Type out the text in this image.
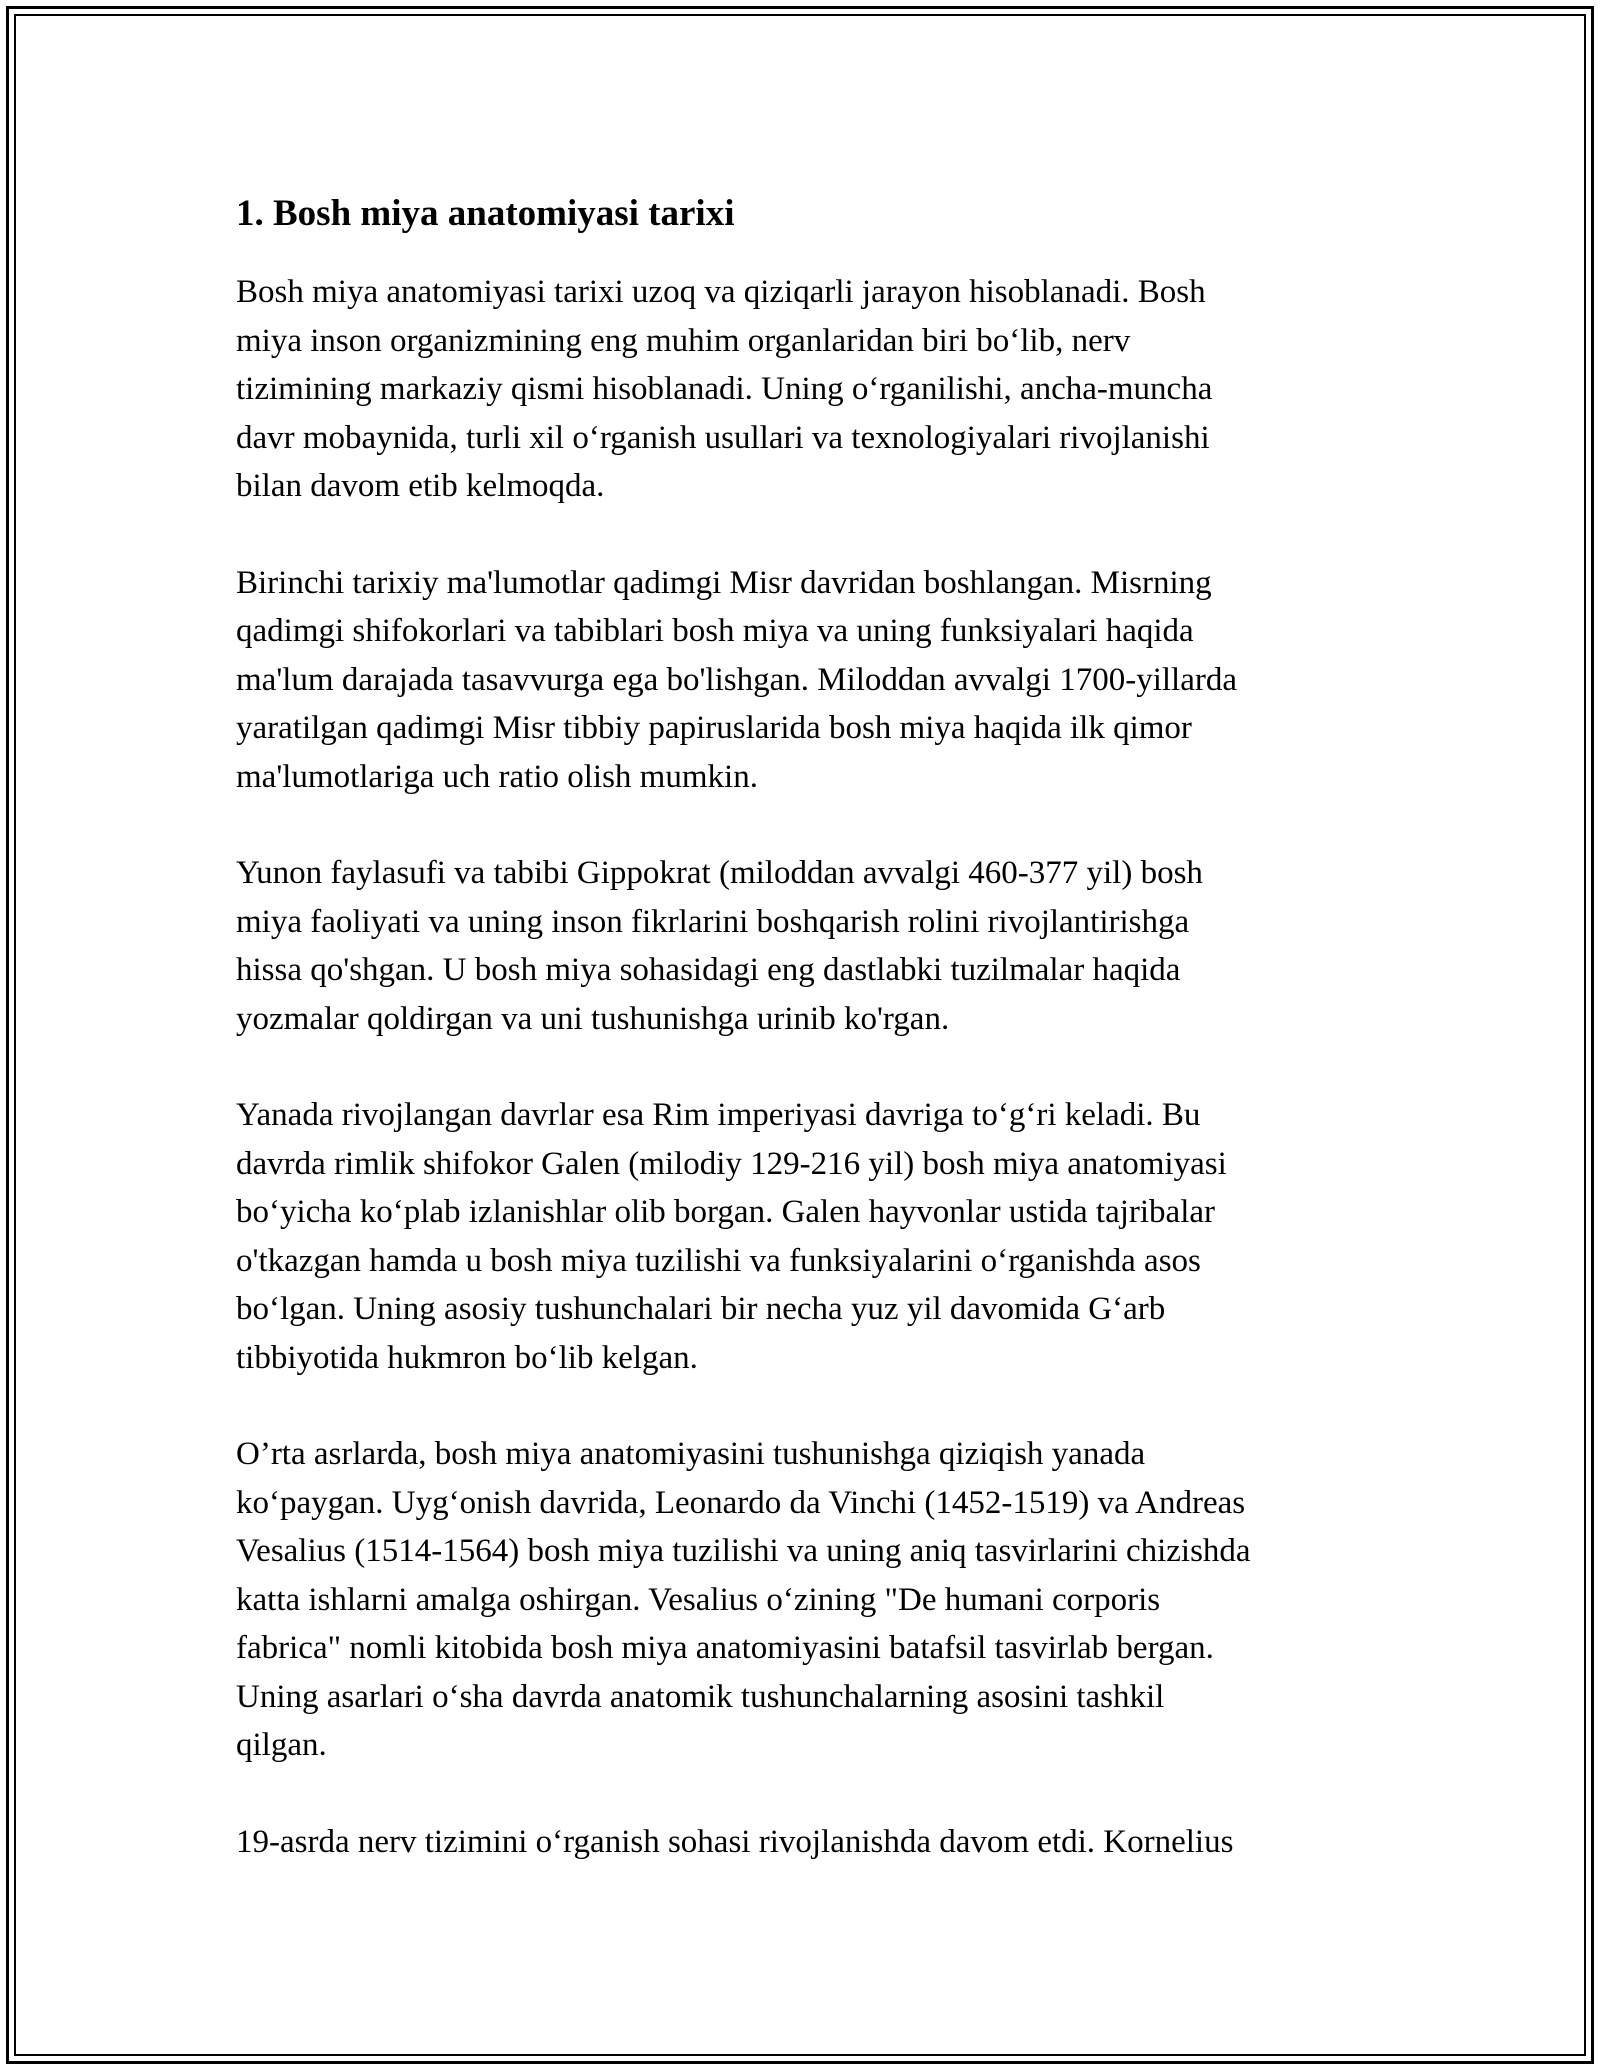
1. Bosh miya anatomiyasi tarixi

Bosh miya anatomiyasi tarixi uzoq va qiziqarli jarayon hisoblanadi. Bosh
miya inson organizmining eng muhim organlaridan biri boʻlib, nerv
tizimining markaziy qismi hisoblanadi. Uning oʻrganilishi, ancha-muncha
davr mobaynida, turli xil oʻrganish usullari va texnologiyalari rivojlanishi
bilan davom etib kelmoqda.

Birinchi tarixiy ma'lumotlar qadimgi Misr davridan boshlangan. Misrning
qadimgi shifokorlari va tabiblari bosh miya va uning funksiyalari haqida
ma'lum darajada tasavvurga ega bo'lishgan. Miloddan avvalgi 1700-yillarda
yaratilgan qadimgi Misr tibbiy papiruslarida bosh miya haqida ilk qimor
ma'lumotlariga uch ratio olish mumkin.

Yunon faylasufi va tabibi Gippokrat (miloddan avvalgi 460-377 yil) bosh
miya faoliyati va uning inson fikrlarini boshqarish rolini rivojlantirishga
hissa qo'shgan. U bosh miya sohasidagi eng dastlabki tuzilmalar haqida
yozmalar qoldirgan va uni tushunishga urinib ko'rgan.

Yanada rivojlangan davrlar esa Rim imperiyasi davriga toʻgʻri keladi. Bu
davrda rimlik shifokor Galen (milodiy 129-216 yil) bosh miya anatomiyasi
boʻyicha koʻplab izlanishlar olib borgan. Galen hayvonlar ustida tajribalar
o'tkazgan hamda u bosh miya tuzilishi va funksiyalarini oʻrganishda asos
boʻlgan. Uning asosiy tushunchalari bir necha yuz yil davomida Gʻarb
tibbiyotida hukmron boʻlib kelgan.

O’rta asrlarda, bosh miya anatomiyasini tushunishga qiziqish yanada
koʻpaygan. Uygʻonish davrida, Leonardo da Vinchi (1452-1519) va Andreas
Vesalius (1514-1564) bosh miya tuzilishi va uning aniq tasvirlarini chizishda
katta ishlarni amalga oshirgan. Vesalius oʻzining "De humani corporis
fabrica" nomli kitobida bosh miya anatomiyasini batafsil tasvirlab bergan.
Uning asarlari oʻsha davrda anatomik tushunchalarning asosini tashkil
qilgan.

19-asrda nerv tizimini oʻrganish sohasi rivojlanishda davom etdi. Kornelius
